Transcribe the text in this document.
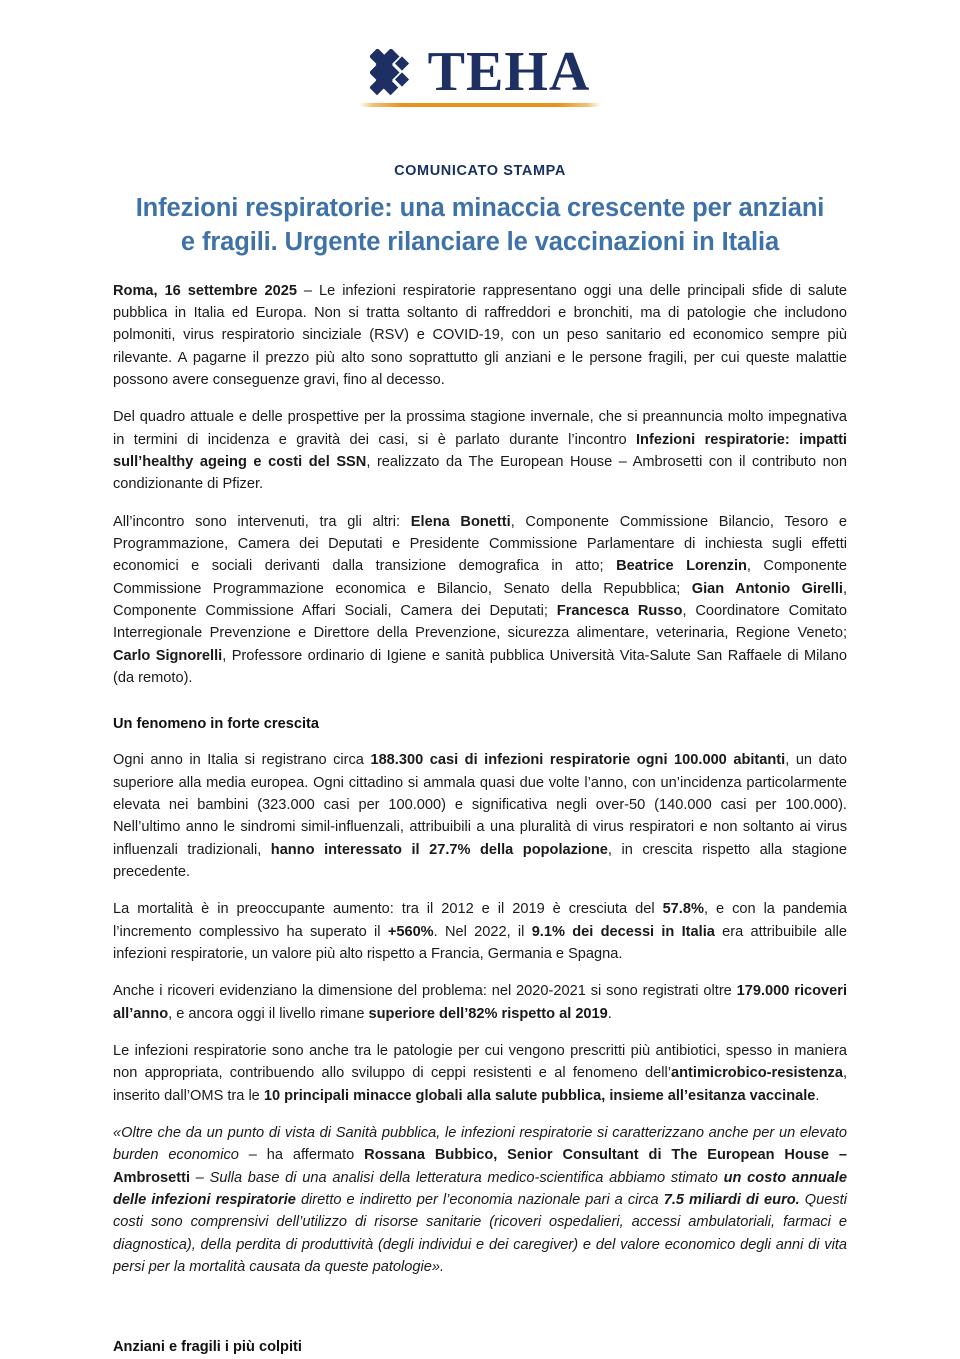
TEHA
COMUNICATO STAMPA
Infezioni respiratorie: una minaccia crescente per anziani
e fragili. Urgente rilanciare le vaccinazioni in Italia

Roma, 16 settembre 2025 – Le infezioni respiratorie rappresentano oggi una delle principali sfide di salute pubblica in Italia ed Europa. Non si tratta soltanto di raffreddori e bronchiti, ma di patologie che includono polmoniti, virus respiratorio sinciziale (RSV) e COVID-19, con un peso sanitario ed economico sempre più rilevante. A pagarne il prezzo più alto sono soprattutto gli anziani e le persone fragili, per cui queste malattie possono avere conseguenze gravi, fino al decesso.

Del quadro attuale e delle prospettive per la prossima stagione invernale, che si preannuncia molto impegnativa in termini di incidenza e gravità dei casi, si è parlato durante l’incontro Infezioni respiratorie: impatti sull’healthy ageing e costi del SSN, realizzato da The European House – Ambrosetti con il contributo non condizionante di Pfizer.

All’incontro sono intervenuti, tra gli altri: Elena Bonetti, Componente Commissione Bilancio, Tesoro e Programmazione, Camera dei Deputati e Presidente Commissione Parlamentare di inchiesta sugli effetti economici e sociali derivanti dalla transizione demografica in atto; Beatrice Lorenzin, Componente Commissione Programmazione economica e Bilancio, Senato della Repubblica; Gian Antonio Girelli, Componente Commissione Affari Sociali, Camera dei Deputati; Francesca Russo, Coordinatore Comitato Interregionale Prevenzione e Direttore della Prevenzione, sicurezza alimentare, veterinaria, Regione Veneto; Carlo Signorelli, Professore ordinario di Igiene e sanità pubblica Università Vita-Salute San Raffaele di Milano (da remoto).

Un fenomeno in forte crescita

Ogni anno in Italia si registrano circa 188.300 casi di infezioni respiratorie ogni 100.000 abitanti, un dato superiore alla media europea. Ogni cittadino si ammala quasi due volte l’anno, con un’incidenza particolarmente elevata nei bambini (323.000 casi per 100.000) e significativa negli over-50 (140.000 casi per 100.000). Nell’ultimo anno le sindromi simil-influenzali, attribuibili a una pluralità di virus respiratori e non soltanto ai virus influenzali tradizionali, hanno interessato il 27.7% della popolazione, in crescita rispetto alla stagione precedente.

La mortalità è in preoccupante aumento: tra il 2012 e il 2019 è cresciuta del 57.8%, e con la pandemia l’incremento complessivo ha superato il +560%. Nel 2022, il 9.1% dei decessi in Italia era attribuibile alle infezioni respiratorie, un valore più alto rispetto a Francia, Germania e Spagna.

Anche i ricoveri evidenziano la dimensione del problema: nel 2020-2021 si sono registrati oltre 179.000 ricoveri all’anno, e ancora oggi il livello rimane superiore dell’82% rispetto al 2019.

Le infezioni respiratorie sono anche tra le patologie per cui vengono prescritti più antibiotici, spesso in maniera non appropriata, contribuendo allo sviluppo di ceppi resistenti e al fenomeno dell’antimicrobico-resistenza, inserito dall’OMS tra le 10 principali minacce globali alla salute pubblica, insieme all’esitanza vaccinale.

«Oltre che da un punto di vista di Sanità pubblica, le infezioni respiratorie si caratterizzano anche per un elevato burden economico – ha affermato Rossana Bubbico, Senior Consultant di The European House – Ambrosetti – Sulla base di una analisi della letteratura medico-scientifica abbiamo stimato un costo annuale delle infezioni respiratorie diretto e indiretto per l’economia nazionale pari a circa 7.5 miliardi di euro. Questi costi sono comprensivi dell’utilizzo di risorse sanitarie (ricoveri ospedalieri, accessi ambulatoriali, farmaci e diagnostica), della perdita di produttività (degli individui e dei caregiver) e del valore economico degli anni di vita persi per la mortalità causata da queste patologie».

Anziani e fragili i più colpiti
